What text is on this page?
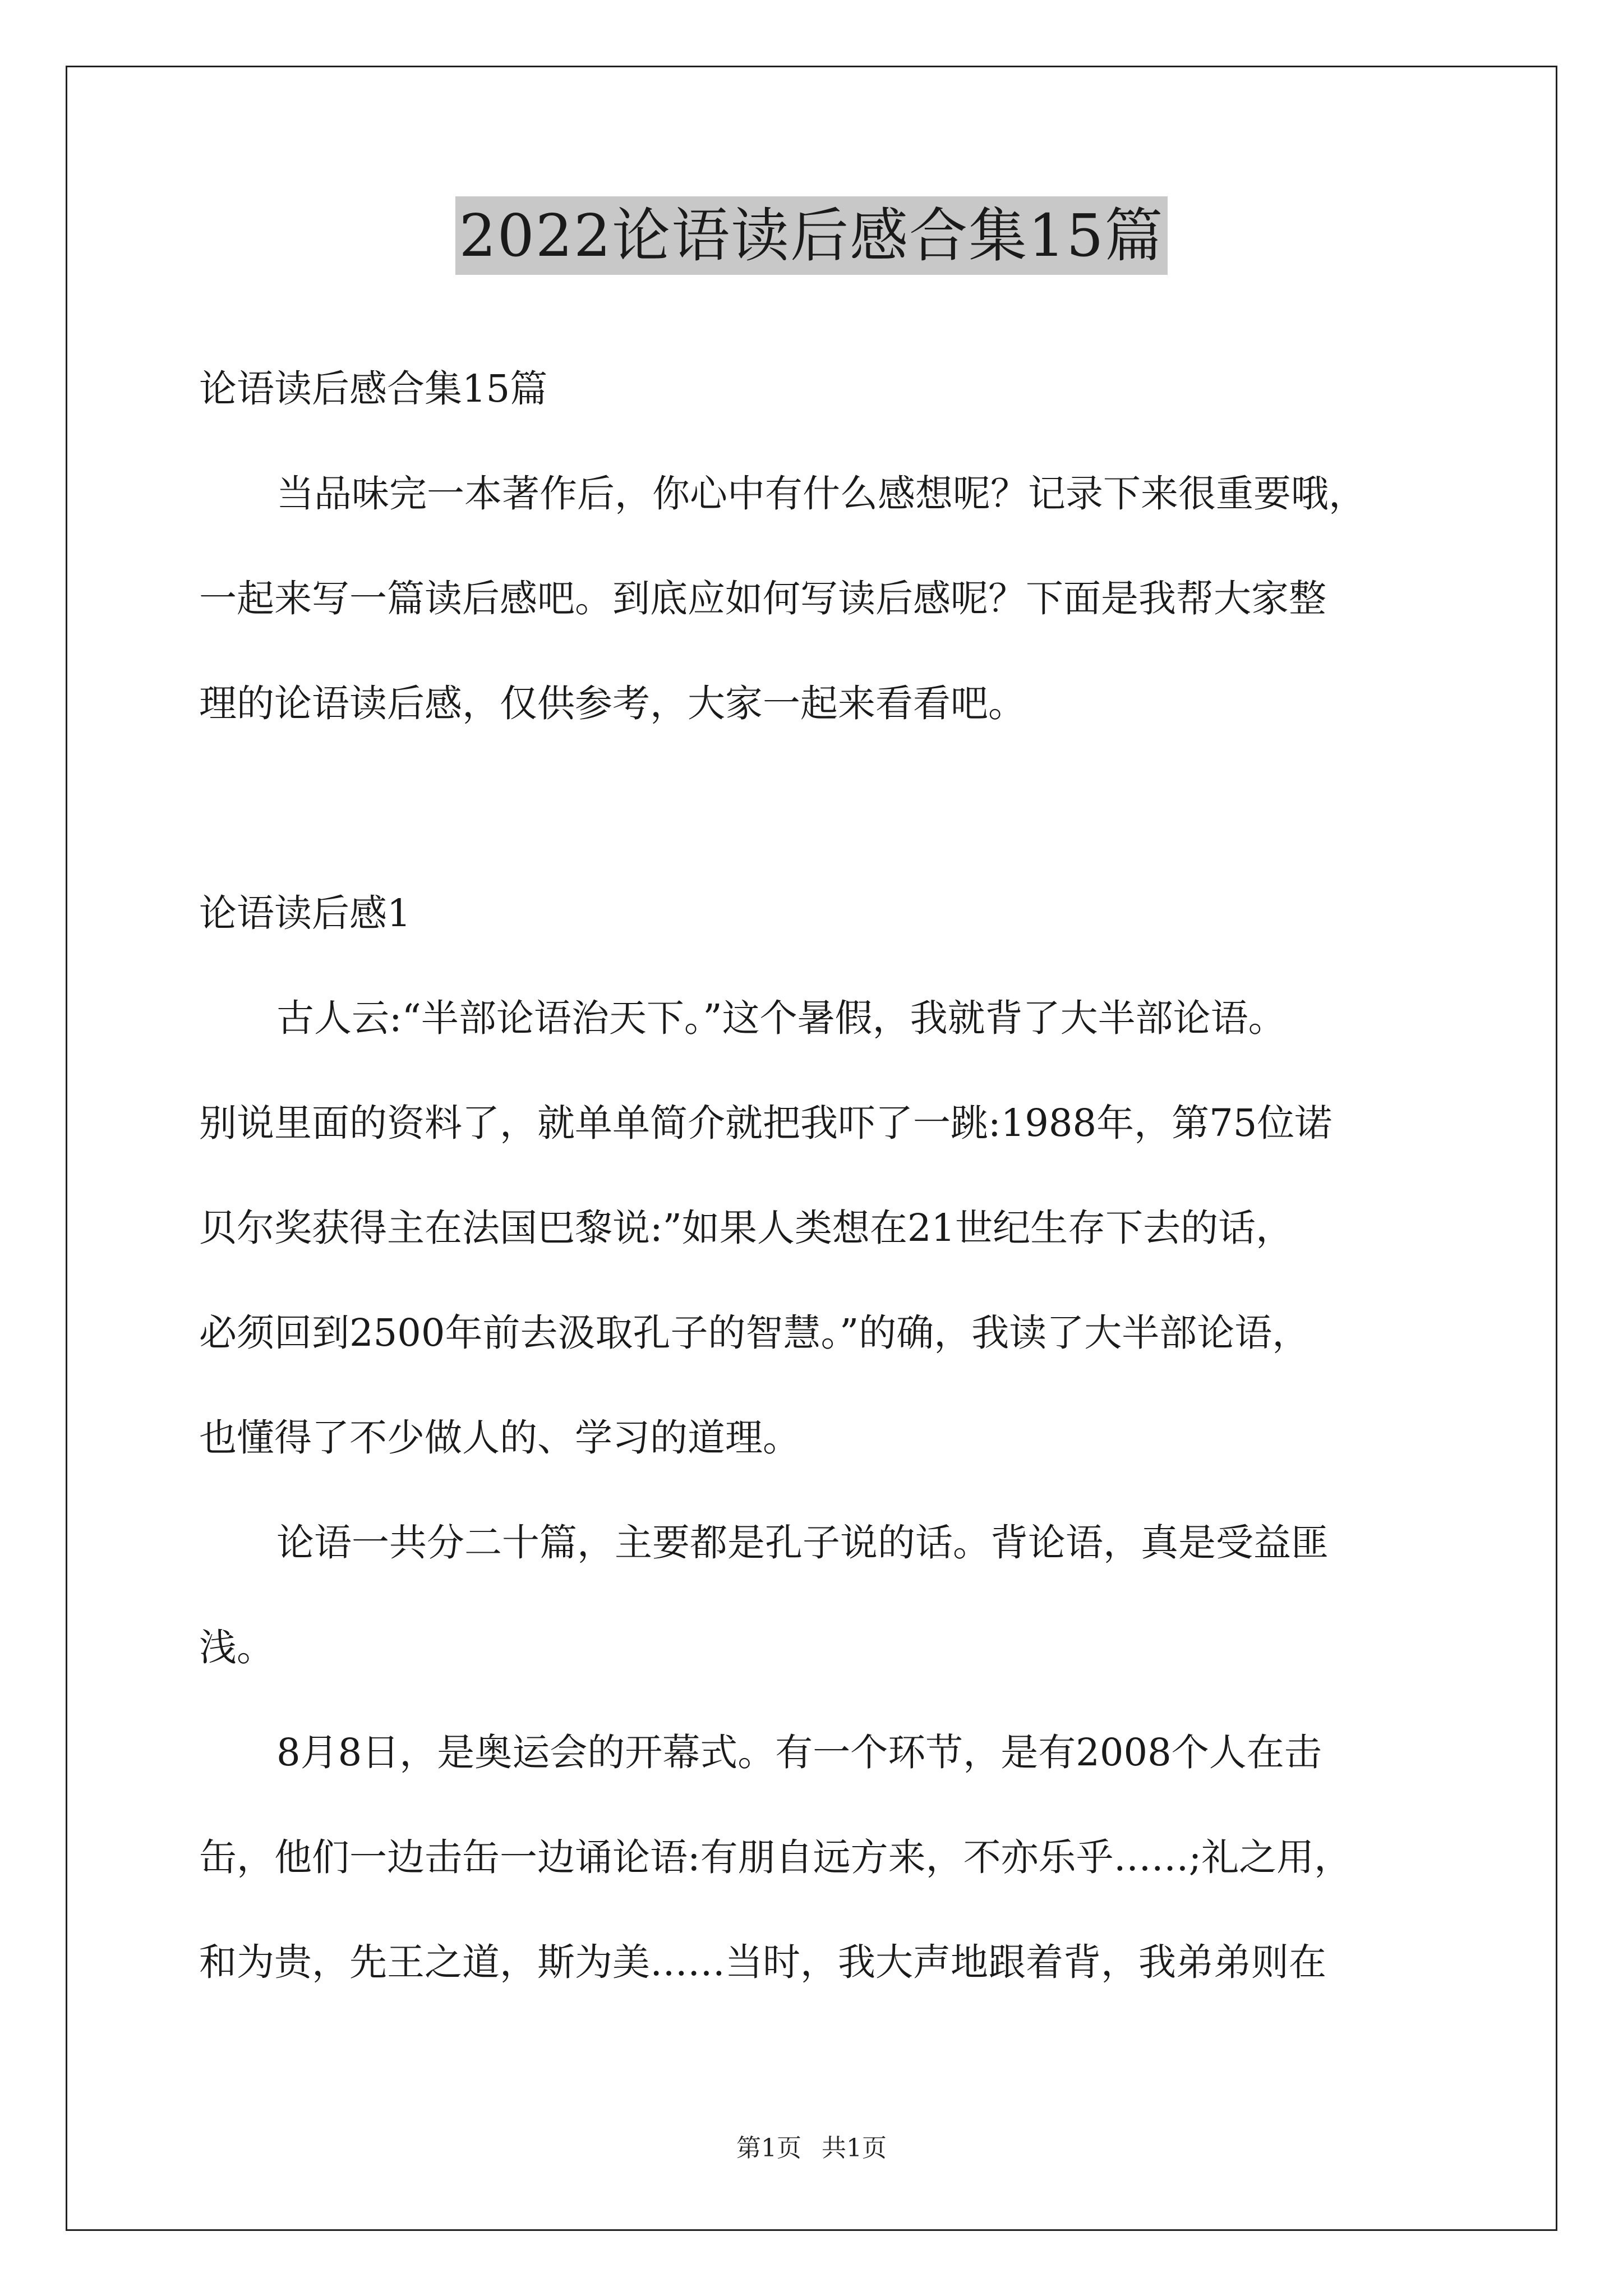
2022论语读后感合集15篇
论语读后感合集15篇
当品味完一本著作后，你心中有什么感想呢？记录下来很重要哦，
一起来写一篇读后感吧。到底应如何写读后感呢？下面是我帮大家整
理的论语读后感，仅供参考，大家一起来看看吧。
论语读后感1
古人云:“半部论语治天下。”这个暑假，我就背了大半部论语。
别说里面的资料了，就单单简介就把我吓了一跳:1988年，第75位诺
贝尔奖获得主在法国巴黎说:”如果人类想在21世纪生存下去的话，
必须回到2500年前去汲取孔子的智慧。”的确，我读了大半部论语，
也懂得了不少做人的、学习的道理。
论语一共分二十篇，主要都是孔子说的话。背论语，真是受益匪
浅。
8月8日，是奥运会的开幕式。有一个环节，是有2008个人在击
缶，他们一边击缶一边诵论语:有朋自远方来，不亦乐乎……;礼之用，
和为贵，先王之道，斯为美……当时，我大声地跟着背，我弟弟则在
第1页 共1页
